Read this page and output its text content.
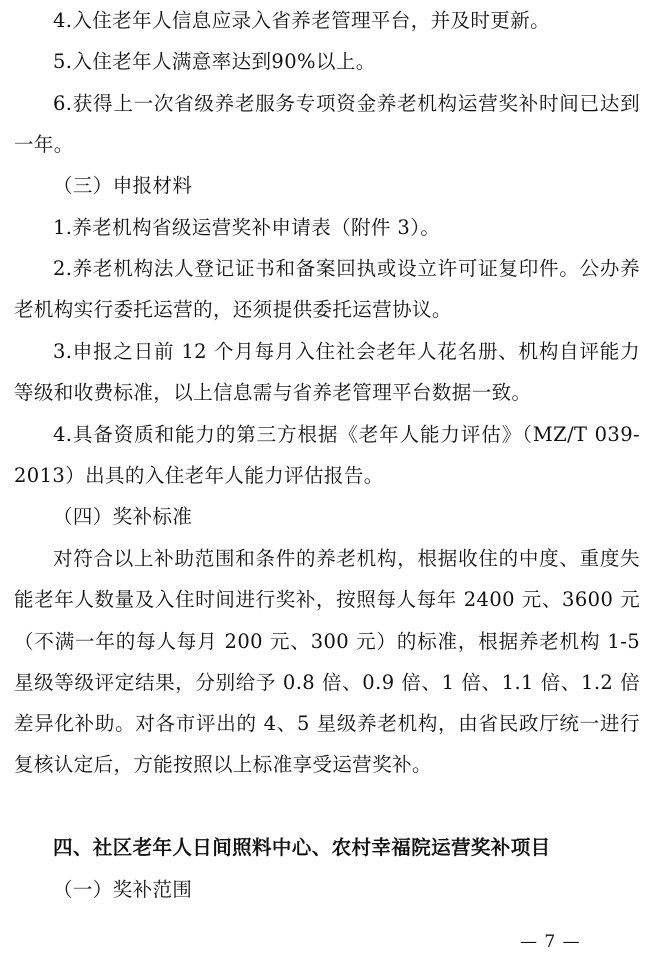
4.入住老年人信息应录入省养老管理平台，并及时更新。

5.入住老年人满意率达到90%以上。

6.获得上一次省级养老服务专项资金养老机构运营奖补时间已达到一年。

（三）申报材料

1.养老机构省级运营奖补申请表（附件 3）。

2.养老机构法人登记证书和备案回执或设立许可证复印件。公办养老机构实行委托运营的，还须提供委托运营协议。

3.申报之日前 12 个月每月入住社会老年人花名册、机构自评能力等级和收费标准，以上信息需与省养老管理平台数据一致。

4.具备资质和能力的第三方根据《老年人能力评估》（MZ/T 039-2013）出具的入住老年人能力评估报告。

（四）奖补标准

对符合以上补助范围和条件的养老机构，根据收住的中度、重度失能老年人数量及入住时间进行奖补，按照每人每年 2400 元、3600 元（不满一年的每人每月 200 元、300 元）的标准，根据养老机构 1-5 星级等级评定结果，分别给予 0.8 倍、0.9 倍、1 倍、1.1 倍、1.2 倍差异化补助。对各市评出的 4、5 星级养老机构，由省民政厅统一进行复核认定后，方能按照以上标准享受运营奖补。

四、社区老年人日间照料中心、农村幸福院运营奖补项目

（一）奖补范围

— 7 —
